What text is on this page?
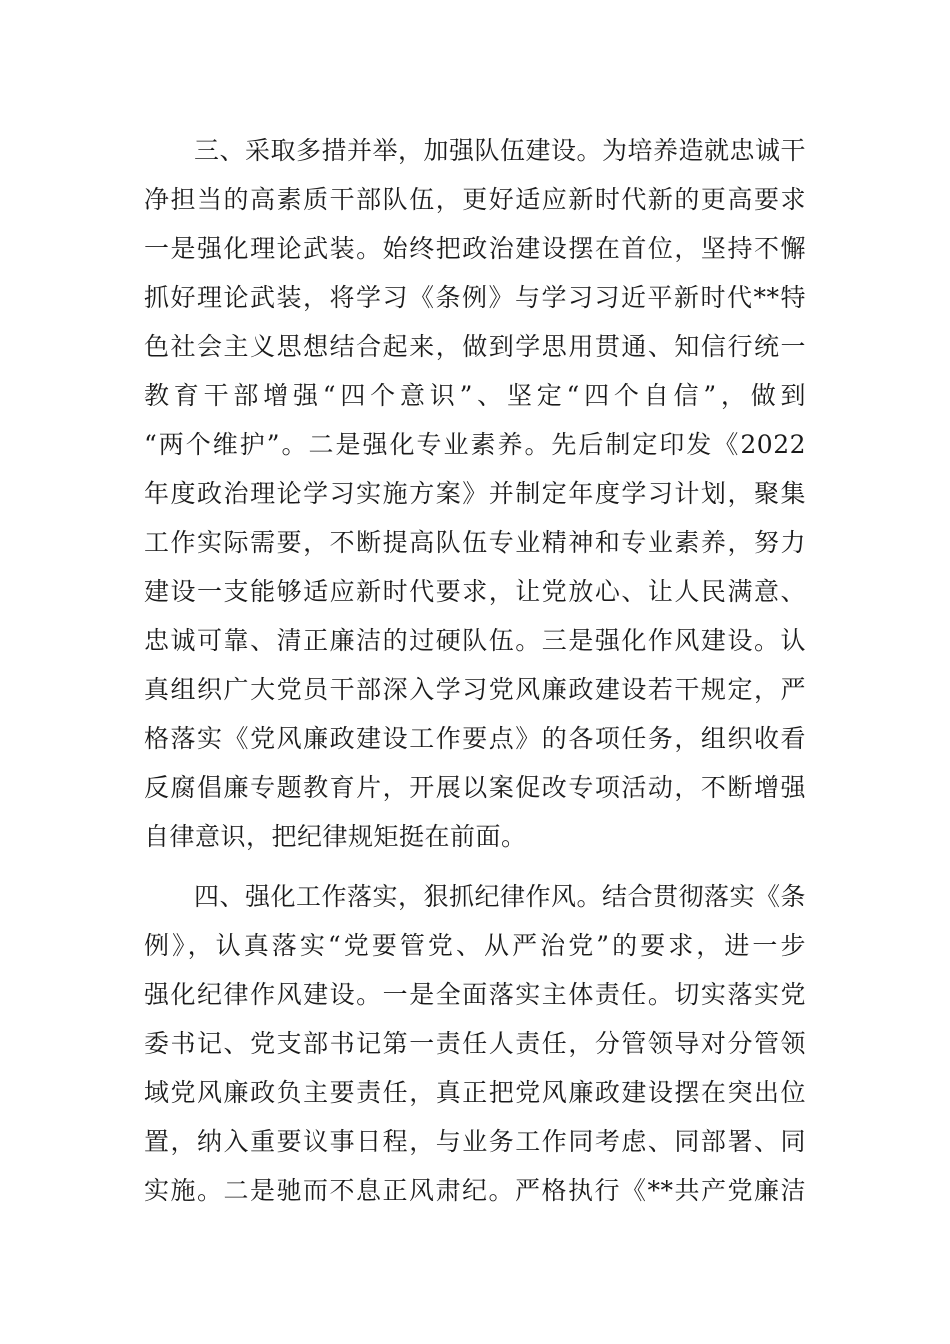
三、采取多措并举，加强队伍建设。为培养造就忠诚干
净担当的高素质干部队伍，更好适应新时代新的更高要求
一是强化理论武装。始终把政治建设摆在首位，坚持不懈
抓好理论武装，将学习《条例》与学习习近平新时代**特
色社会主义思想结合起来，做到学思用贯通、知信行统一
教育干部增强“四个意识”、坚定“四个自信”，做到
“两个维护”。二是强化专业素养。先后制定印发《2022
年度政治理论学习实施方案》并制定年度学习计划，聚集
工作实际需要，不断提高队伍专业精神和专业素养，努力
建设一支能够适应新时代要求，让党放心、让人民满意、
忠诚可靠、清正廉洁的过硬队伍。三是强化作风建设。认
真组织广大党员干部深入学习党风廉政建设若干规定，严
格落实《党风廉政建设工作要点》的各项任务，组织收看
反腐倡廉专题教育片，开展以案促改专项活动，不断增强
自律意识，把纪律规矩挺在前面。
四、强化工作落实，狠抓纪律作风。结合贯彻落实《条
例》，认真落实“党要管党、从严治党”的要求，进一步
强化纪律作风建设。一是全面落实主体责任。切实落实党
委书记、党支部书记第一责任人责任，分管领导对分管领
域党风廉政负主要责任，真正把党风廉政建设摆在突出位
置，纳入重要议事日程，与业务工作同考虑、同部署、同
实施。二是驰而不息正风肃纪。严格执行《**共产党廉洁
